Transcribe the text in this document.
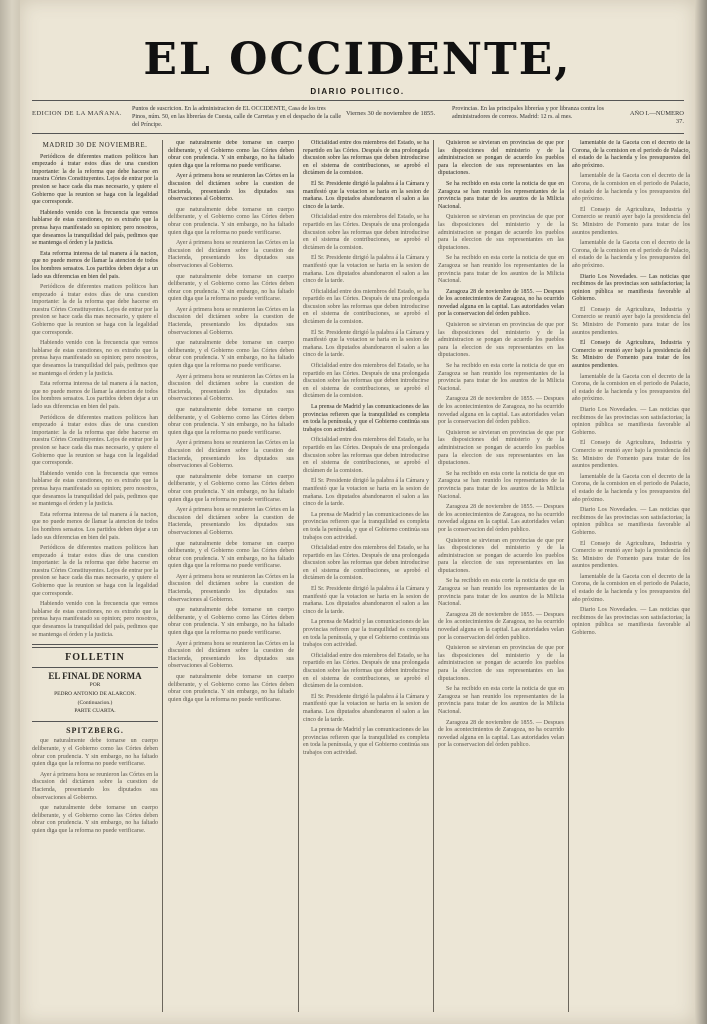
EL OCCIDENTE,
DIARIO POLITICO.
EDICION DE LA MAÑANA.
Puntos de suscricion. En la administracion de EL OCCIDENTE, Casa de los tres Pinos, núm. 50, en las librerías de Cuesta, calle de Carretas y en el despacho de la calle del Príncipe.
Viernes 30 de noviembre de 1855.
Provincias. En las principales librerías y por libranza contra los administradores de correos. Madrid: 12 rs. al mes.	AÑO I.—NÚMERO 37.
MADRID 30 DE NOVIEMBRE.

Periódicos de diferentes matices políticos han empezado á tratar estos días de una cuestion importante: la de la reforma que debe hacerse en nuestra Córtes Constituyentes. Lejos de entrar por la presion se hace cada dia mas necesario, y quiere el Gobierno que la reunion se haga con la legalidad que corresponde.

Habiendo venido con la frecuencia que vemos hablarse de estas cuestiones, no es extraño que la prensa haya manifestado su opinion; pero nosotros, que deseamos la tranquilidad del país, pedimos que se mantenga el órden y la justicia.

Esta reforma interesa de tal manera á la nacion, que no puede menos de llamar la atencion de todos los hombres sensatos. Los partidos deben dejar a un lado sus diferencias en bien del pais.

Periódicos de diferentes matices políticos han empezado á tratar estos días de una cuestion importante: la de la reforma que debe hacerse en nuestra Córtes Constituyentes. Lejos de entrar por la presion se hace cada dia mas necesario, y quiere el Gobierno que la reunion se haga con la legalidad que corresponde.

Habiendo venido con la frecuencia que vemos hablarse de estas cuestiones, no es extraño que la prensa haya manifestado su opinion; pero nosotros, que deseamos la tranquilidad del país, pedimos que se mantenga el órden y la justicia.

Esta reforma interesa de tal manera á la nacion, que no puede menos de llamar la atencion de todos los hombres sensatos. Los partidos deben dejar a un lado sus diferencias en bien del pais.

Periódicos de diferentes matices políticos han empezado á tratar estos días de una cuestion importante: la de la reforma que debe hacerse en nuestra Córtes Constituyentes. Lejos de entrar por la presion se hace cada dia mas necesario, y quiere el Gobierno que la reunion se haga con la legalidad que corresponde.

Habiendo venido con la frecuencia que vemos hablarse de estas cuestiones, no es extraño que la prensa haya manifestado su opinion; pero nosotros, que deseamos la tranquilidad del país, pedimos que se mantenga el órden y la justicia.

Esta reforma interesa de tal manera á la nacion, que no puede menos de llamar la atencion de todos los hombres sensatos. Los partidos deben dejar a un lado sus diferencias en bien del pais.

Periódicos de diferentes matices políticos han empezado á tratar estos días de una cuestion importante: la de la reforma que debe hacerse en nuestra Córtes Constituyentes. Lejos de entrar por la presion se hace cada dia mas necesario, y quiere el Gobierno que la reunion se haga con la legalidad que corresponde.

Habiendo venido con la frecuencia que vemos hablarse de estas cuestiones, no es extraño que la prensa haya manifestado su opinion; pero nosotros, que deseamos la tranquilidad del país, pedimos que se mantenga el órden y la justicia.

FOLLETIN
EL FINAL DE NORMA
POR
PEDRO ANTONIO DE ALARCON.
(Continuacion.)
PARTE CUARTA.
SPITZBERG.

que naturalmente debe tomarse un cuerpo deliberante, y el Gobierno como las Córtes deben obrar con prudencia. Y sin embargo, no ha faltado quien diga que la reforma no puede verificarse.

Ayer á primera hora se reunieron las Córtes en la discusion del dictámen sobre la cuestion de Hacienda, presentando los diputados sus observaciones al Gobierno.

que naturalmente debe tomarse un cuerpo deliberante, y el Gobierno como las Córtes deben obrar con prudencia. Y sin embargo, no ha faltado quien diga que la reforma no puede verificarse.

que naturalmente debe tomarse un cuerpo deliberante, y el Gobierno como las Córtes deben obrar con prudencia. Y sin embargo, no ha faltado quien diga que la reforma no puede verificarse.

Ayer á primera hora se reunieron las Córtes en la discusion del dictámen sobre la cuestion de Hacienda, presentando los diputados sus observaciones al Gobierno.

que naturalmente debe tomarse un cuerpo deliberante, y el Gobierno como las Córtes deben obrar con prudencia. Y sin embargo, no ha faltado quien diga que la reforma no puede verificarse.

Ayer á primera hora se reunieron las Córtes en la discusion del dictámen sobre la cuestion de Hacienda, presentando los diputados sus observaciones al Gobierno.

que naturalmente debe tomarse un cuerpo deliberante, y el Gobierno como las Córtes deben obrar con prudencia. Y sin embargo, no ha faltado quien diga que la reforma no puede verificarse.

Ayer á primera hora se reunieron las Córtes en la discusion del dictámen sobre la cuestion de Hacienda, presentando los diputados sus observaciones al Gobierno.

que naturalmente debe tomarse un cuerpo deliberante, y el Gobierno como las Córtes deben obrar con prudencia. Y sin embargo, no ha faltado quien diga que la reforma no puede verificarse.

Ayer á primera hora se reunieron las Córtes en la discusion del dictámen sobre la cuestion de Hacienda, presentando los diputados sus observaciones al Gobierno.

que naturalmente debe tomarse un cuerpo deliberante, y el Gobierno como las Córtes deben obrar con prudencia. Y sin embargo, no ha faltado quien diga que la reforma no puede verificarse.

Ayer á primera hora se reunieron las Córtes en la discusion del dictámen sobre la cuestion de Hacienda, presentando los diputados sus observaciones al Gobierno.

que naturalmente debe tomarse un cuerpo deliberante, y el Gobierno como las Córtes deben obrar con prudencia. Y sin embargo, no ha faltado quien diga que la reforma no puede verificarse.

Ayer á primera hora se reunieron las Córtes en la discusion del dictámen sobre la cuestion de Hacienda, presentando los diputados sus observaciones al Gobierno.

que naturalmente debe tomarse un cuerpo deliberante, y el Gobierno como las Córtes deben obrar con prudencia. Y sin embargo, no ha faltado quien diga que la reforma no puede verificarse.

Ayer á primera hora se reunieron las Córtes en la discusion del dictámen sobre la cuestion de Hacienda, presentando los diputados sus observaciones al Gobierno.

que naturalmente debe tomarse un cuerpo deliberante, y el Gobierno como las Córtes deben obrar con prudencia. Y sin embargo, no ha faltado quien diga que la reforma no puede verificarse.

Ayer á primera hora se reunieron las Córtes en la discusion del dictámen sobre la cuestion de Hacienda, presentando los diputados sus observaciones al Gobierno.

que naturalmente debe tomarse un cuerpo deliberante, y el Gobierno como las Córtes deben obrar con prudencia. Y sin embargo, no ha faltado quien diga que la reforma no puede verificarse.

Oficialidad entre dos miembros del Estado, se ha repartido en las Córtes. Después de una prolongada discusion sobre las reformas que deben introducirse en el sistema de contribuciones, se aprobó el dictámen de la comision.

El Sr. Presidente dirigió la palabra á la Cámara y manifestó que la votacion se haria en la sesion de mañana. Los diputados abandonaron el salon a las cinco de la tarde.

Oficialidad entre dos miembros del Estado, se ha repartido en las Córtes. Después de una prolongada discusion sobre las reformas que deben introducirse en el sistema de contribuciones, se aprobó el dictámen de la comision.

El Sr. Presidente dirigió la palabra á la Cámara y manifestó que la votacion se haria en la sesion de mañana. Los diputados abandonaron el salon a las cinco de la tarde.

Oficialidad entre dos miembros del Estado, se ha repartido en las Córtes. Después de una prolongada discusion sobre las reformas que deben introducirse en el sistema de contribuciones, se aprobó el dictámen de la comision.

El Sr. Presidente dirigió la palabra á la Cámara y manifestó que la votacion se haria en la sesion de mañana. Los diputados abandonaron el salon a las cinco de la tarde.

Oficialidad entre dos miembros del Estado, se ha repartido en las Córtes. Después de una prolongada discusion sobre las reformas que deben introducirse en el sistema de contribuciones, se aprobó el dictámen de la comision.

La prensa de Madrid y las comunicaciones de las provincias refieren que la tranquilidad es completa en toda la península, y que el Gobierno continúa sus trabajos con actividad.

Oficialidad entre dos miembros del Estado, se ha repartido en las Córtes. Después de una prolongada discusion sobre las reformas que deben introducirse en el sistema de contribuciones, se aprobó el dictámen de la comision.

El Sr. Presidente dirigió la palabra á la Cámara y manifestó que la votacion se haria en la sesion de mañana. Los diputados abandonaron el salon a las cinco de la tarde.

La prensa de Madrid y las comunicaciones de las provincias refieren que la tranquilidad es completa en toda la península, y que el Gobierno continúa sus trabajos con actividad.

Oficialidad entre dos miembros del Estado, se ha repartido en las Córtes. Después de una prolongada discusion sobre las reformas que deben introducirse en el sistema de contribuciones, se aprobó el dictámen de la comision.

El Sr. Presidente dirigió la palabra á la Cámara y manifestó que la votacion se haria en la sesion de mañana. Los diputados abandonaron el salon a las cinco de la tarde.

La prensa de Madrid y las comunicaciones de las provincias refieren que la tranquilidad es completa en toda la península, y que el Gobierno continúa sus trabajos con actividad.

Oficialidad entre dos miembros del Estado, se ha repartido en las Córtes. Después de una prolongada discusion sobre las reformas que deben introducirse en el sistema de contribuciones, se aprobó el dictámen de la comision.

El Sr. Presidente dirigió la palabra á la Cámara y manifestó que la votacion se haria en la sesion de mañana. Los diputados abandonaron el salon a las cinco de la tarde.

La prensa de Madrid y las comunicaciones de las provincias refieren que la tranquilidad es completa en toda la península, y que el Gobierno continúa sus trabajos con actividad.

Quisieron se sirvieran en provincias de que por las disposiciones del ministerio y de la administracion se pongan de acuerdo los pueblos para la eleccion de sus representantes en las diputaciones.

Se ha recibido en esta corte la noticia de que en Zaragoza se han reunido los representantes de la provincia para tratar de los asuntos de la Milicia Nacional.

Quisieron se sirvieran en provincias de que por las disposiciones del ministerio y de la administracion se pongan de acuerdo los pueblos para la eleccion de sus representantes en las diputaciones.

Se ha recibido en esta corte la noticia de que en Zaragoza se han reunido los representantes de la provincia para tratar de los asuntos de la Milicia Nacional.

Zaragoza 28 de noviembre de 1855. — Despues de los acontecimientos de Zaragoza, no ha ocurrido novedad alguna en la capital. Las autoridades velan por la conservacion del órden publico.

Quisieron se sirvieran en provincias de que por las disposiciones del ministerio y de la administracion se pongan de acuerdo los pueblos para la eleccion de sus representantes en las diputaciones.

Se ha recibido en esta corte la noticia de que en Zaragoza se han reunido los representantes de la provincia para tratar de los asuntos de la Milicia Nacional.

Zaragoza 28 de noviembre de 1855. — Despues de los acontecimientos de Zaragoza, no ha ocurrido novedad alguna en la capital. Las autoridades velan por la conservacion del órden publico.

Quisieron se sirvieran en provincias de que por las disposiciones del ministerio y de la administracion se pongan de acuerdo los pueblos para la eleccion de sus representantes en las diputaciones.

Se ha recibido en esta corte la noticia de que en Zaragoza se han reunido los representantes de la provincia para tratar de los asuntos de la Milicia Nacional.

Zaragoza 28 de noviembre de 1855. — Despues de los acontecimientos de Zaragoza, no ha ocurrido novedad alguna en la capital. Las autoridades velan por la conservacion del órden publico.

Quisieron se sirvieran en provincias de que por las disposiciones del ministerio y de la administracion se pongan de acuerdo los pueblos para la eleccion de sus representantes en las diputaciones.

Se ha recibido en esta corte la noticia de que en Zaragoza se han reunido los representantes de la provincia para tratar de los asuntos de la Milicia Nacional.

Zaragoza 28 de noviembre de 1855. — Despues de los acontecimientos de Zaragoza, no ha ocurrido novedad alguna en la capital. Las autoridades velan por la conservacion del órden publico.

Quisieron se sirvieran en provincias de que por las disposiciones del ministerio y de la administracion se pongan de acuerdo los pueblos para la eleccion de sus representantes en las diputaciones.

Se ha recibido en esta corte la noticia de que en Zaragoza se han reunido los representantes de la provincia para tratar de los asuntos de la Milicia Nacional.

Zaragoza 28 de noviembre de 1855. — Despues de los acontecimientos de Zaragoza, no ha ocurrido novedad alguna en la capital. Las autoridades velan por la conservacion del órden publico.

lamentable de la Gaceta con el decreto de la Corona, de la comision en el periodo de Palacio, el estado de la hacienda y los presupuestos del año próximo.

lamentable de la Gaceta con el decreto de la Corona, de la comision en el periodo de Palacio, el estado de la hacienda y los presupuestos del año próximo.

El Consejo de Agricultura, Industria y Comercio se reunió ayer bajo la presidencia del Sr. Ministro de Fomento para tratar de los asuntos pendientes.

lamentable de la Gaceta con el decreto de la Corona, de la comision en el periodo de Palacio, el estado de la hacienda y los presupuestos del año próximo.

Diario Los Novedades. — Las noticias que recibimos de las provincias son satisfactorias; la opinion pública se manifiesta favorable al Gobierno.

El Consejo de Agricultura, Industria y Comercio se reunió ayer bajo la presidencia del Sr. Ministro de Fomento para tratar de los asuntos pendientes.

El Consejo de Agricultura, Industria y Comercio se reunió ayer bajo la presidencia del Sr. Ministro de Fomento para tratar de los asuntos pendientes.

lamentable de la Gaceta con el decreto de la Corona, de la comision en el periodo de Palacio, el estado de la hacienda y los presupuestos del año próximo.

Diario Los Novedades. — Las noticias que recibimos de las provincias son satisfactorias; la opinion pública se manifiesta favorable al Gobierno.

El Consejo de Agricultura, Industria y Comercio se reunió ayer bajo la presidencia del Sr. Ministro de Fomento para tratar de los asuntos pendientes.

lamentable de la Gaceta con el decreto de la Corona, de la comision en el periodo de Palacio, el estado de la hacienda y los presupuestos del año próximo.

Diario Los Novedades. — Las noticias que recibimos de las provincias son satisfactorias; la opinion pública se manifiesta favorable al Gobierno.

El Consejo de Agricultura, Industria y Comercio se reunió ayer bajo la presidencia del Sr. Ministro de Fomento para tratar de los asuntos pendientes.

lamentable de la Gaceta con el decreto de la Corona, de la comision en el periodo de Palacio, el estado de la hacienda y los presupuestos del año próximo.

Diario Los Novedades. — Las noticias que recibimos de las provincias son satisfactorias; la opinion pública se manifiesta favorable al Gobierno.
